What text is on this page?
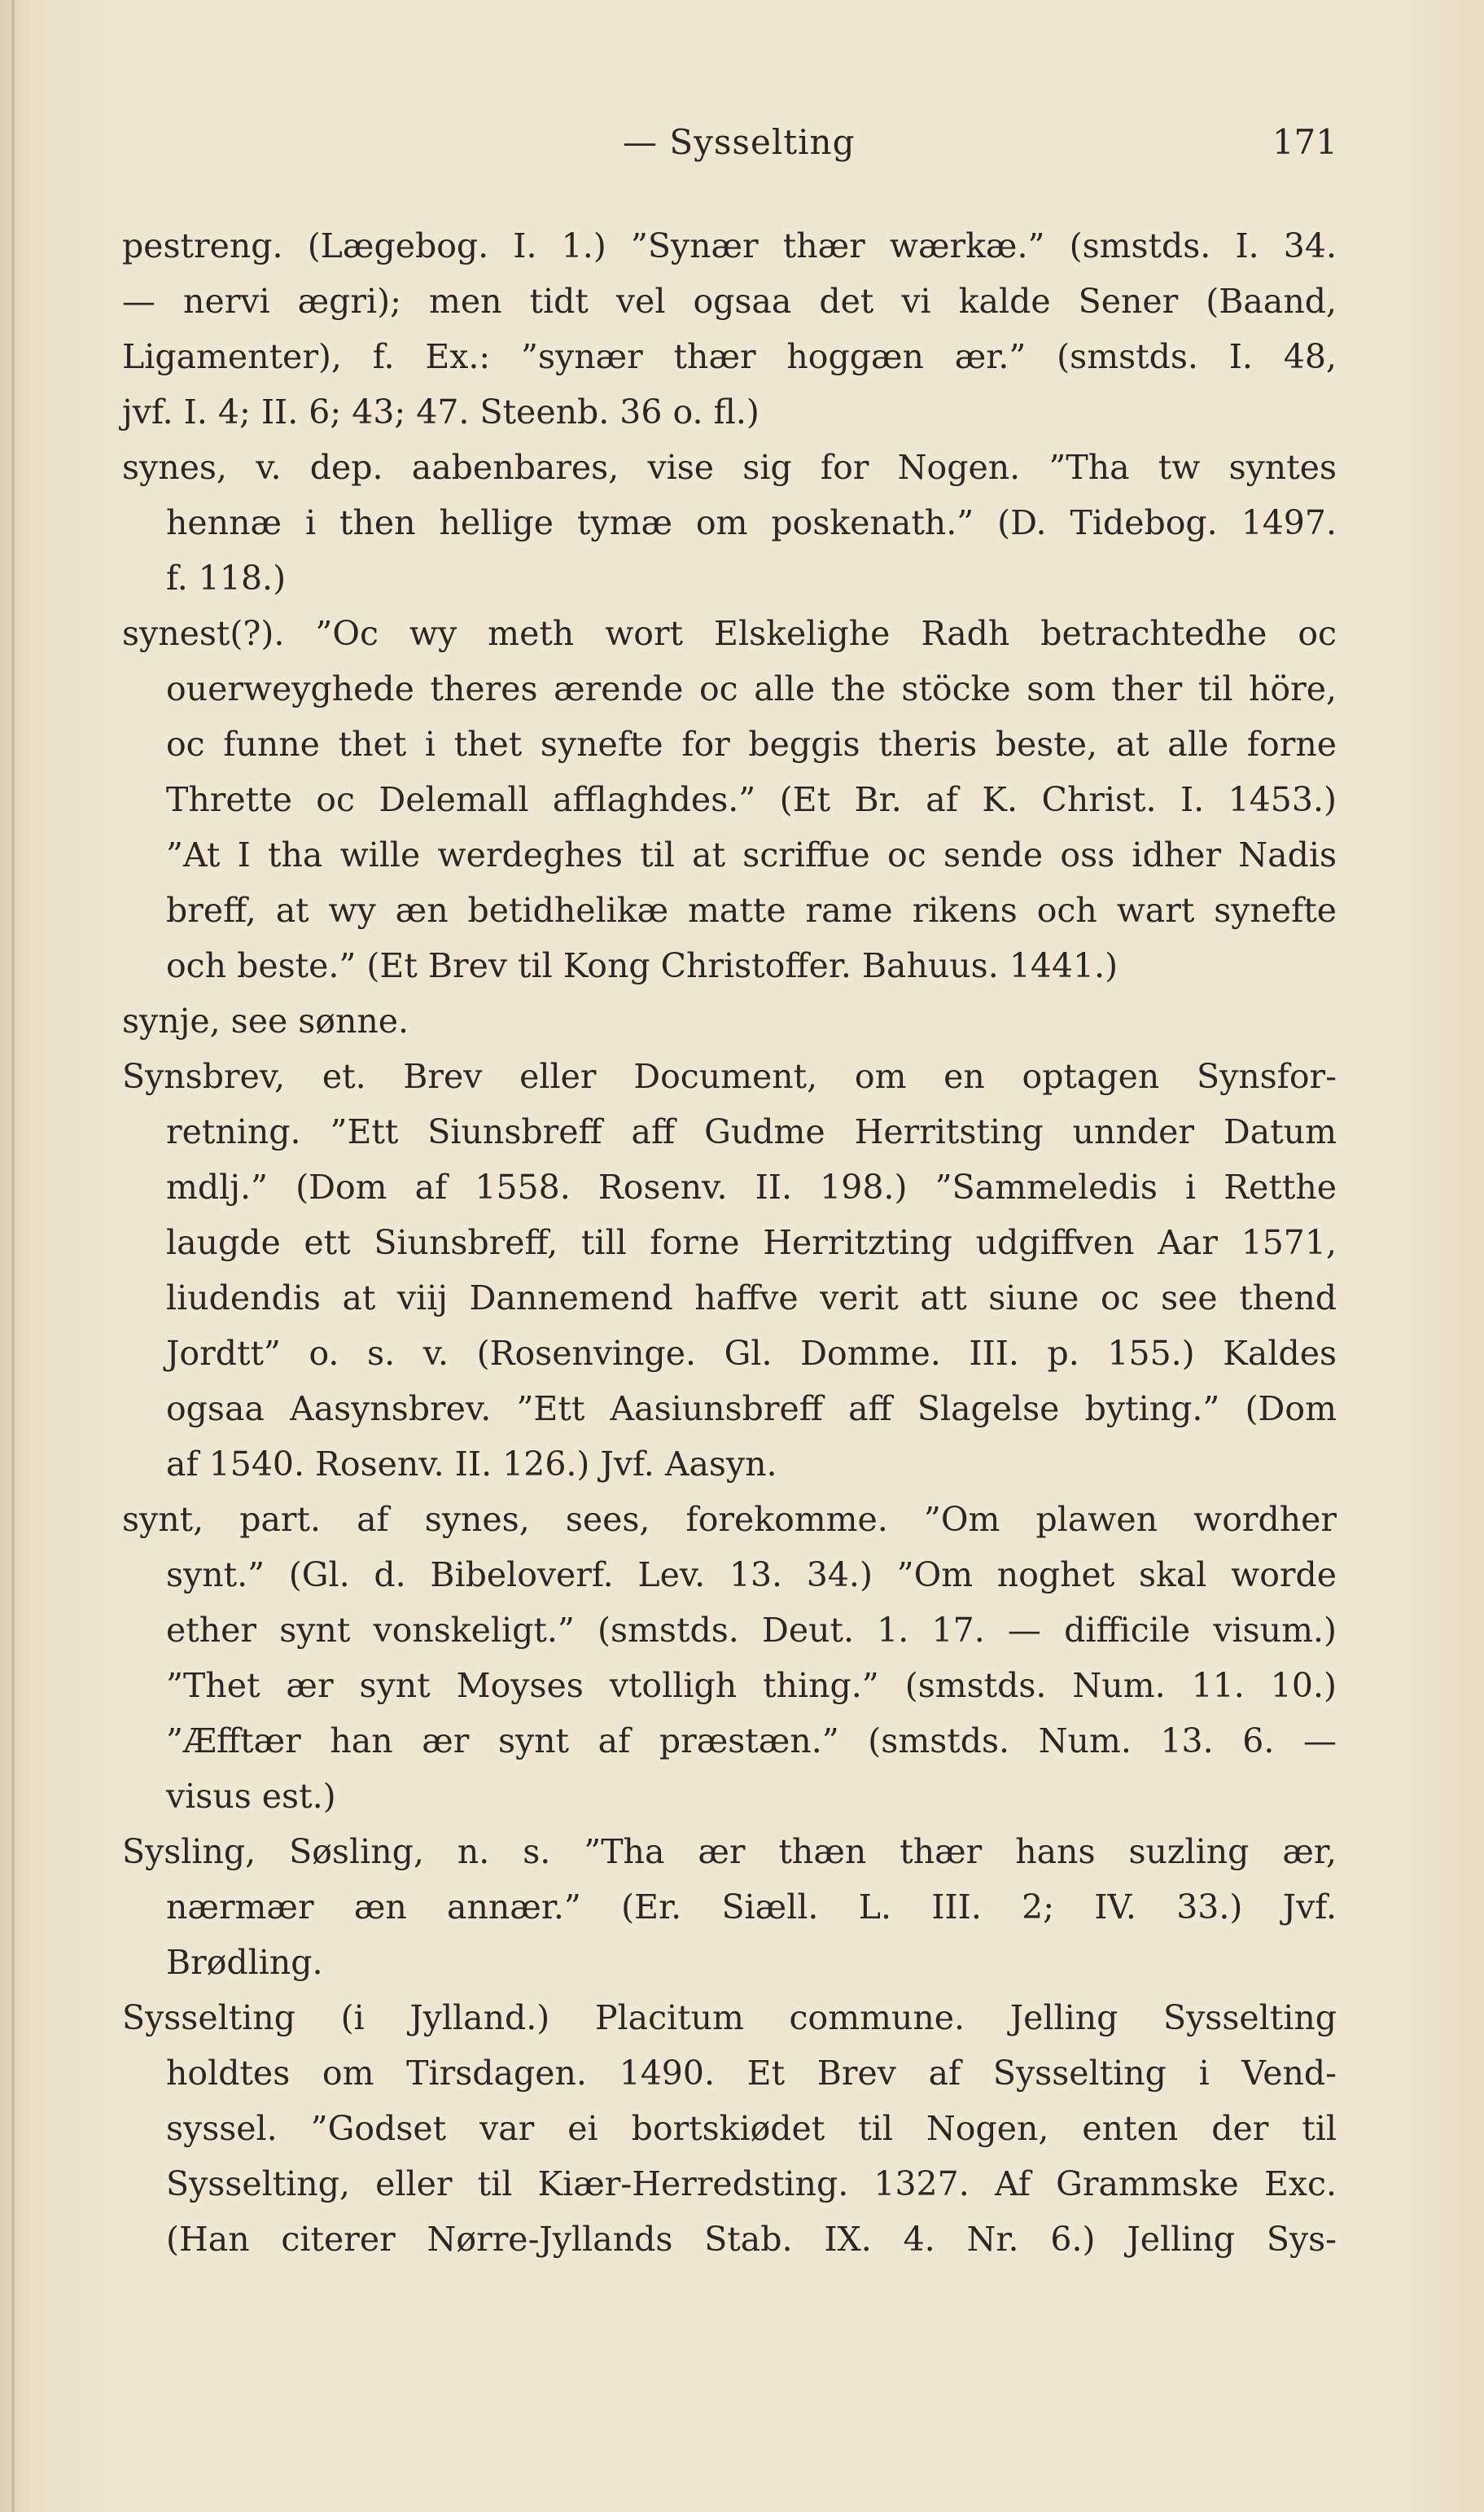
— Sysselting	171

pestreng. (Lægebog. I. 1.) ”Synær thær wærkæ.” (smstds. I. 34.
— nervi ægri); men tidt vel ogsaa det vi kalde Sener (Baand,
Ligamenter), f. Ex.: ”synær thær hoggæn ær.” (smstds. I. 48,
jvf. I. 4; II. 6; 43; 47. Steenb. 36 o. fl.)

synes, v. dep. aabenbares, vise sig for Nogen. ”Tha tw syntes
hennæ i then hellige tymæ om poskenath.” (D. Tidebog. 1497.
f. 118.)

synest(?). ”Oc wy meth wort Elskelighe Radh betrachtedhe oc
ouerweyghede theres ærende oc alle the stöcke som ther til höre,
oc funne thet i thet synefte for beggis theris beste, at alle forne
Thrette oc Delemall afflaghdes.” (Et Br. af K. Christ. I. 1453.)
”At I tha wille werdeghes til at scriffue oc sende oss idher Nadis
breff, at wy æn betidhelikæ matte rame rikens och wart synefte
och beste.” (Et Brev til Kong Christoffer. Bahuus. 1441.)

synje, see sønne.

Synsbrev, et. Brev eller Document, om en optagen Synsfor-
retning. ”Ett Siunsbreff aff Gudme Herritsting unnder Datum
mdlj.” (Dom af 1558. Rosenv. II. 198.) ”Sammeledis i Retthe
laugde ett Siunsbreff, till forne Herritzting udgiffven Aar 1571,
liudendis at viij Dannemend haffve verit att siune oc see thend
Jordtt” o. s. v. (Rosenvinge. Gl. Domme. III. p. 155.) Kaldes
ogsaa Aasynsbrev. ”Ett Aasiunsbreff aff Slagelse byting.” (Dom
af 1540. Rosenv. II. 126.) Jvf. Aasyn.

synt, part. af synes, sees, forekomme. ”Om plawen wordher
synt.” (Gl. d. Bibeloverf. Lev. 13. 34.) ”Om noghet skal worde
ether synt vonskeligt.” (smstds. Deut. 1. 17. — difficile visum.)
”Thet ær synt Moyses vtolligh thing.” (smstds. Num. 11. 10.)
”Æfftær han ær synt af præstæn.” (smstds. Num. 13. 6. —
visus est.)

Sysling, Søsling, n. s. ”Tha ær thæn thær hans suzling ær,
nærmær æn annær.” (Er. Siæll. L. III. 2; IV. 33.) Jvf.
Brødling.

Sysselting (i Jylland.) Placitum commune. Jelling Sysselting
holdtes om Tirsdagen. 1490. Et Brev af Sysselting i Vend-
syssel. ”Godset var ei bortskiødet til Nogen, enten der til
Sysselting, eller til Kiær-Herredsting. 1327. Af Grammske Exc.
(Han citerer Nørre-Jyllands Stab. IX. 4. Nr. 6.) Jelling Sys-
